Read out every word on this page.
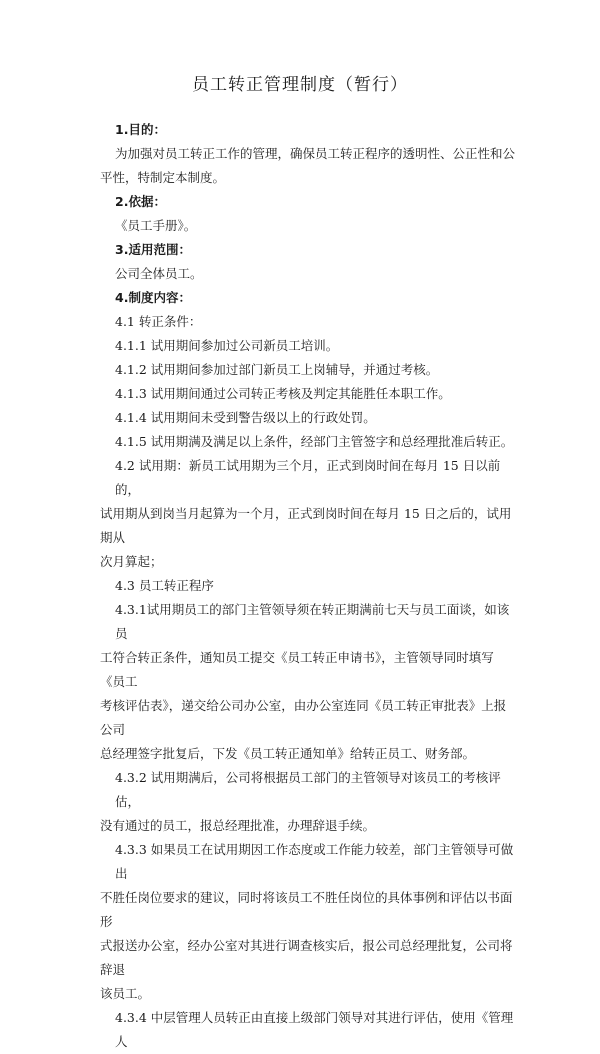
员工转正管理制度（暂行）

1.目的：

为加强对员工转正工作的管理，确保员工转正程序的透明性、公正性和公

平性，特制定本制度。

2.依据：

《员工手册》。

3.适用范围：

公司全体员工。

4.制度内容：

4.1 转正条件：

4.1.1 试用期间参加过公司新员工培训。

4.1.2 试用期间参加过部门新员工上岗辅导，并通过考核。

4.1.3 试用期间通过公司转正考核及判定其能胜任本职工作。

4.1.4 试用期间未受到警告级以上的行政处罚。

4.1.5 试用期满及满足以上条件，经部门主管签字和总经理批准后转正。

4.2 试用期：新员工试用期为三个月，正式到岗时间在每月 15 日以前的，

试用期从到岗当月起算为一个月，正式到岗时间在每月 15 日之后的，试用期从

次月算起；

4.3 员工转正程序

4.3.1试用期员工的部门主管领导须在转正期满前七天与员工面谈，如该员

工符合转正条件，通知员工提交《员工转正申请书》，主管领导同时填写《员工

考核评估表》，递交给公司办公室，由办公室连同《员工转正审批表》上报公司

总经理签字批复后，下发《员工转正通知单》给转正员工、财务部。

4.3.2 试用期满后，公司将根据员工部门的主管领导对该员工的考核评估，

没有通过的员工，报总经理批准，办理辞退手续。

4.3.3 如果员工在试用期因工作态度或工作能力较差，部门主管领导可做出

不胜任岗位要求的建议，同时将该员工不胜任岗位的具体事例和评估以书面形

式报送办公室，经办公室对其进行调查核实后，报公司总经理批复，公司将辞退

该员工。

4.3.4 中层管理人员转正由直接上级部门领导对其进行评估，使用《管理人
